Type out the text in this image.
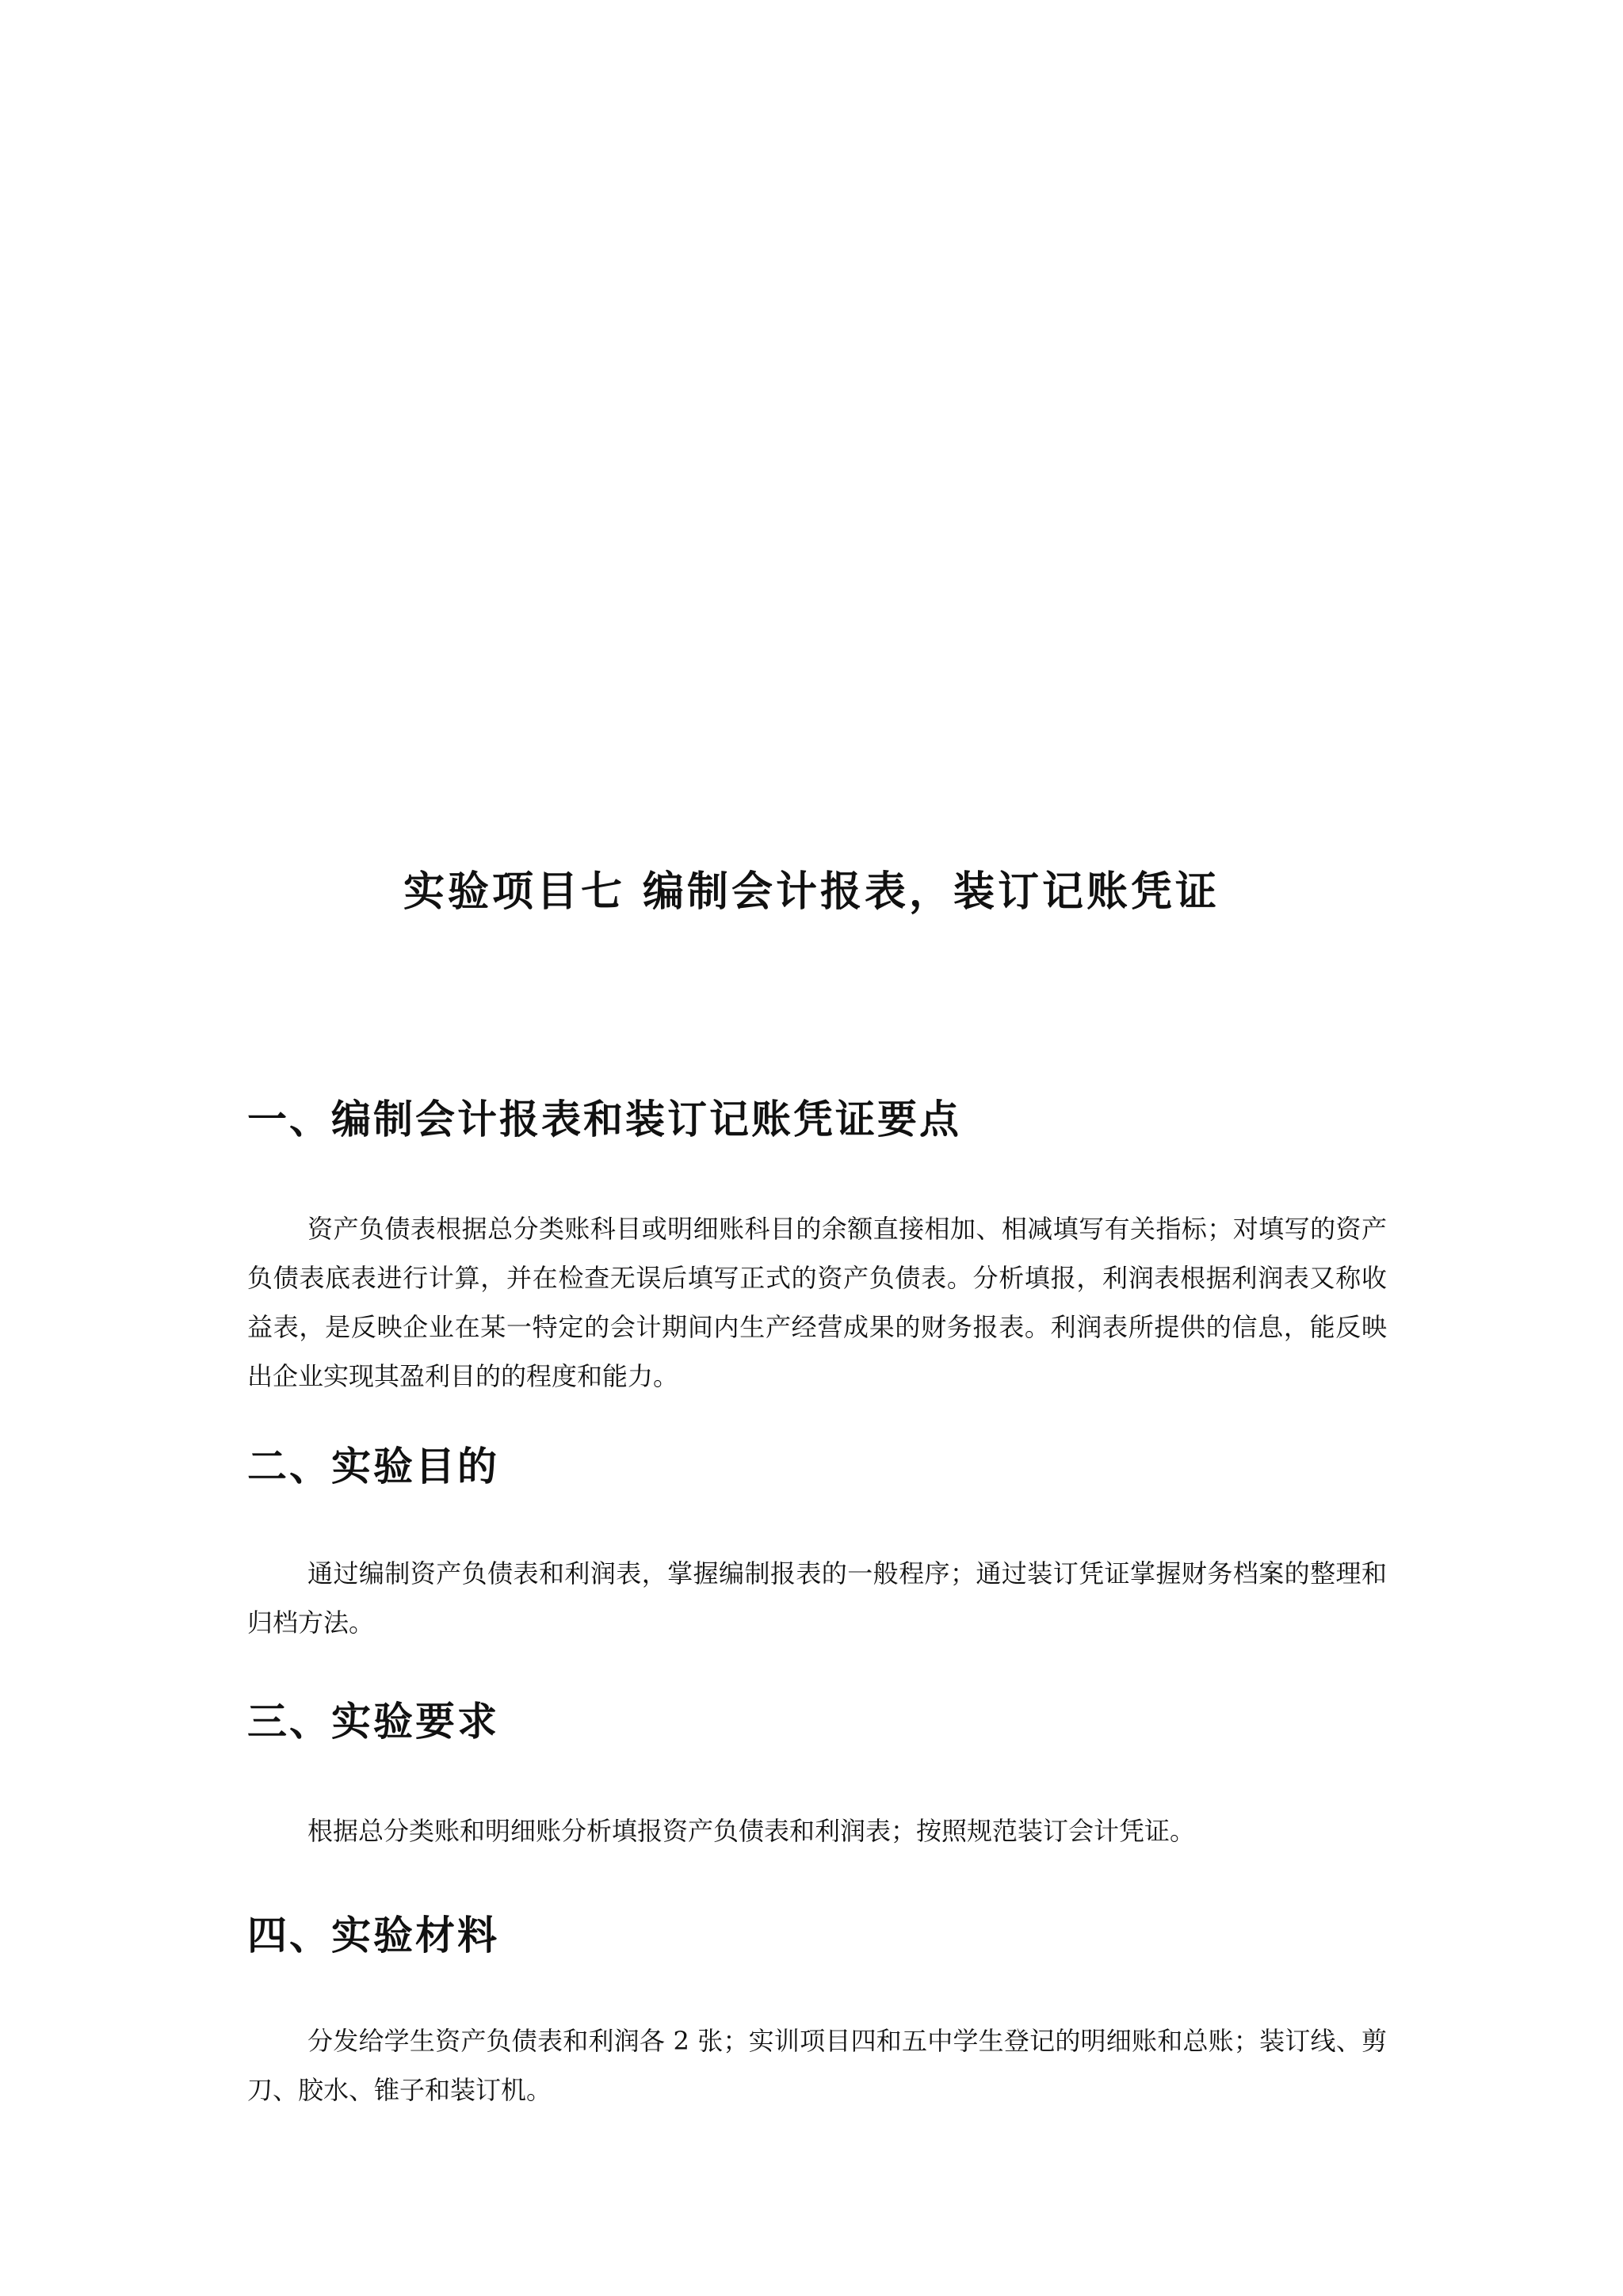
实验项目七 编制会计报表，装订记账凭证
一、编制会计报表和装订记账凭证要点

资产负债表根据总分类账科目或明细账科目的余额直接相加、相减填写有关指标；对填写的资产负债表底表进行计算，并在检查无误后填写正式的资产负债表。分析填报，利润表根据利润表又称收益表，是反映企业在某一特定的会计期间内生产经营成果的财务报表。利润表所提供的信息，能反映出企业实现其盈利目的的程度和能力。

二、实验目的

通过编制资产负债表和利润表，掌握编制报表的一般程序；通过装订凭证掌握财务档案的整理和归档方法。

三、实验要求

根据总分类账和明细账分析填报资产负债表和利润表；按照规范装订会计凭证。

四、实验材料

分发给学生资产负债表和利润各 2 张；实训项目四和五中学生登记的明细账和总账；装订线、剪刀、胶水、锥子和装订机。
